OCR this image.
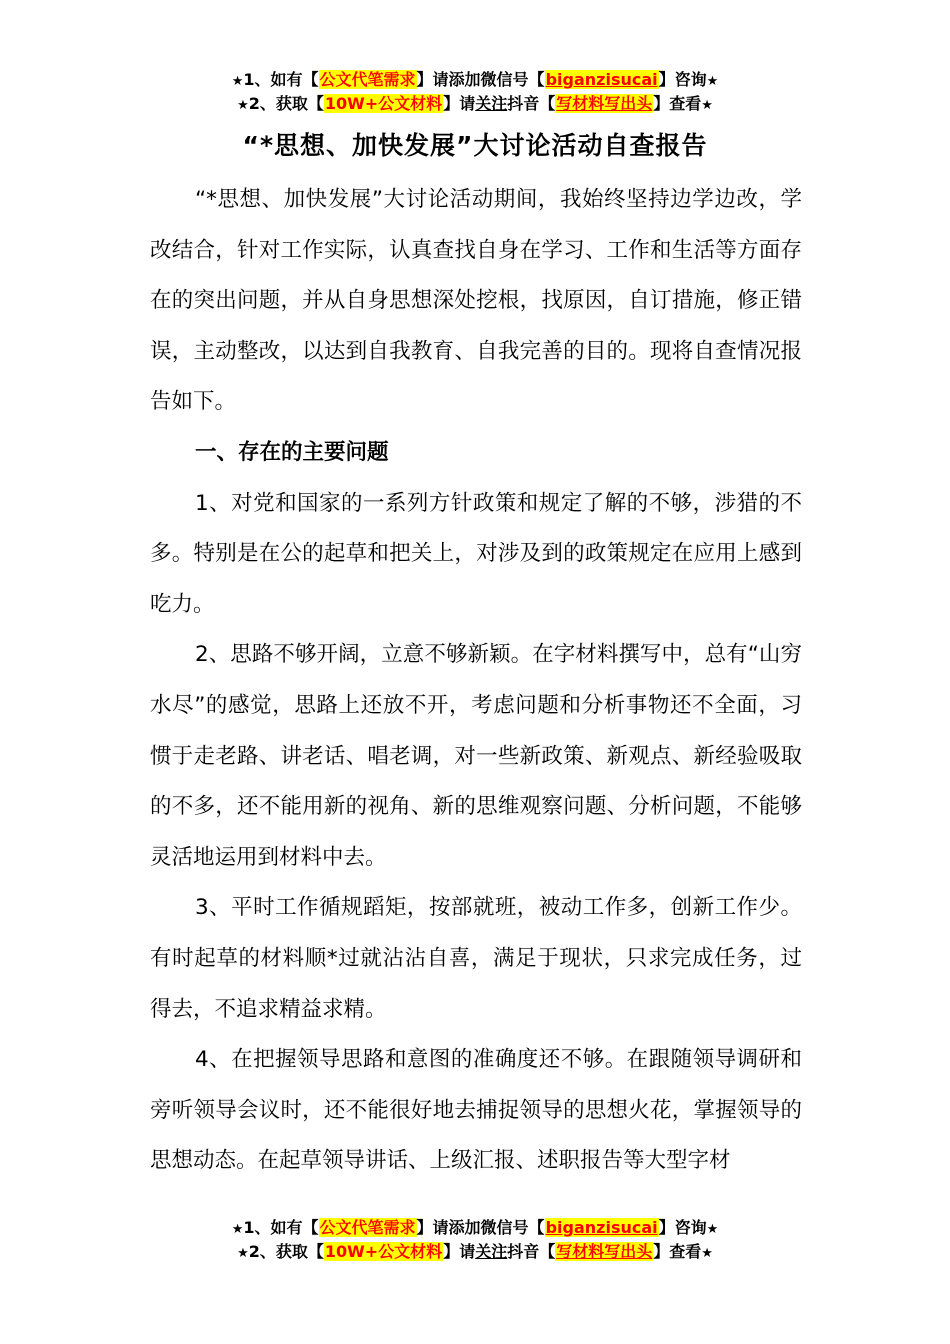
★1、如有【公文代笔需求】请添加微信号【biganzisucai】咨询★
★2、获取【10W+公文材料】请关注抖音【写材料写出头】查看★
“*思想、加快发展”大讨论活动自查报告

“*思想、加快发展”大讨论活动期间，我始终坚持边学边改，学改结合，针对工作实际，认真查找自身在学习、工作和生活等方面存在的突出问题，并从自身思想深处挖根，找原因，自订措施，修正错误，主动整改，以达到自我教育、自我完善的目的。现将自查情况报告如下。

一、存在的主要问题

1、对党和国家的一系列方针政策和规定了解的不够，涉猎的不多。特别是在公的起草和把关上，对涉及到的政策规定在应用上感到吃力。

2、思路不够开阔，立意不够新颖。在字材料撰写中，总有“山穷水尽”的感觉，思路上还放不开，考虑问题和分析事物还不全面，习惯于走老路、讲老话、唱老调，对一些新政策、新观点、新经验吸取的不多，还不能用新的视角、新的思维观察问题、分析问题，不能够灵活地运用到材料中去。

3、平时工作循规蹈矩，按部就班，被动工作多，创新工作少。有时起草的材料顺*过就沾沾自喜，满足于现状，只求完成任务，过得去，不追求精益求精。

4、在把握领导思路和意图的准确度还不够。在跟随领导调研和旁听领导会议时，还不能很好地去捕捉领导的思想火花，掌握领导的思想动态。在起草领导讲话、上级汇报、述职报告等大型字材

★1、如有【公文代笔需求】请添加微信号【biganzisucai】咨询★
★2、获取【10W+公文材料】请关注抖音【写材料写出头】查看★
